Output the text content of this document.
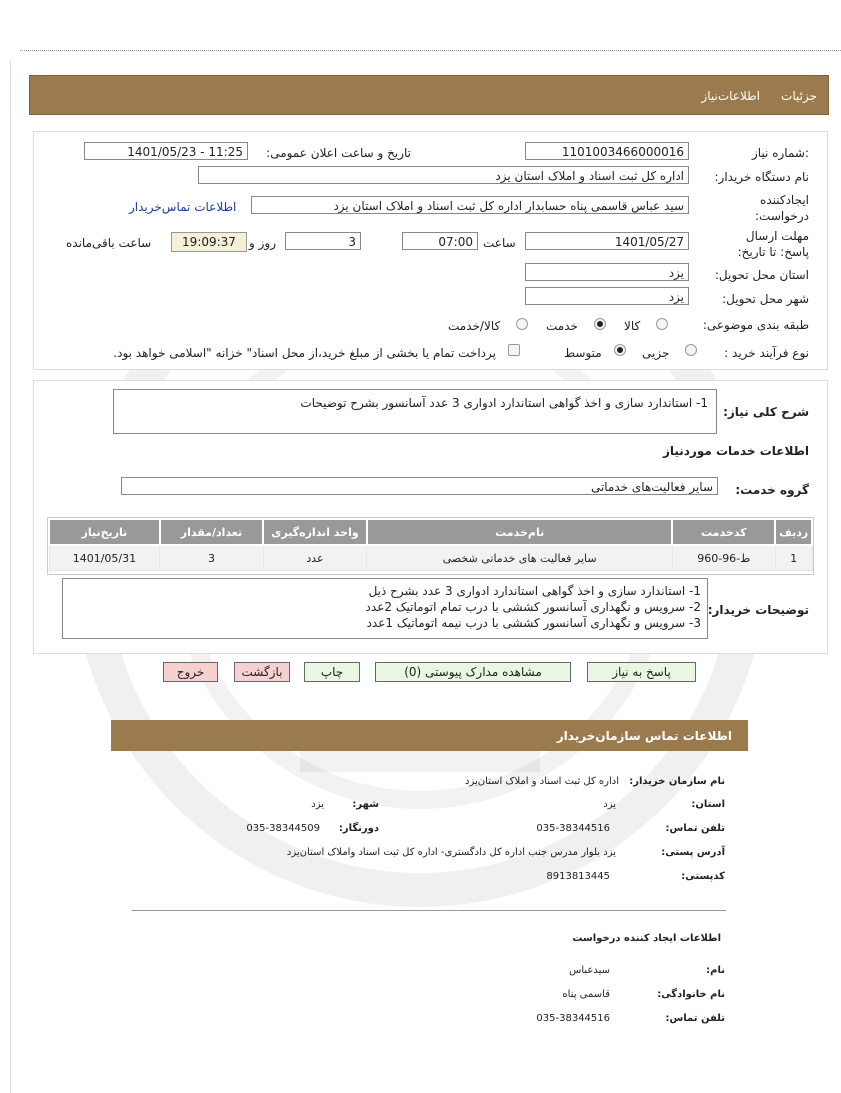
جزئیات
اطلاعات‌نیاز
شماره نیاز:
1101003466000016
تاریخ و ساعت اعلان عمومی:
1401/05/23 - 11:25
نام دستگاه خریدار:
اداره کل ثبت اسناد و املاک استان یزد
ایجادکننده درخواست:
سید عباس قاسمی پناه حسابدار اداره کل ثبت اسناد و املاک استان یزد
اطلاعات تماس‌خریدار
مهلت ارسال پاسخ: تا تاریخ:
1401/05/27
ساعت
07:00
3
روز و
19:09:37
ساعت باقی‌مانده
استان محل تحویل:
یزد
شهر محل تحویل:
یزد
طبقه بندی موضوعی:
کالا
خدمت
کالا/خدمت
نوع فرآیند خرید :
جزیی
متوسط
پرداخت تمام یا بخشی از مبلغ خرید،از محل اسناد" خزانه "اسلامی خواهد بود.
شرح کلی نیاز:
1- استاندارد سازی و اخذ گواهی استاندارد ادواری 3 عدد آسانسور بشرح توضیحات
اطلاعات خدمات مورد‌نیاز
گروه خدمت:
سایر فعالیت‌های خدماتی
ردیف	کدخدمت	نام‌خدمت	واحد اندازه‌گیری	تعداد/مقدار	تاریخ‌نیاز
1	ط-96-960	سایر فعالیت های خدماتی شخصی	عدد	3	1401/05/31
توضیحات خریدار:
1- استاندارد سازی و اخذ گواهی استاندارد ادواری 3 عدد بشرح ذیل
2- سرویس و نگهداری آسانسور کششی با درب تمام اتوماتیک 2عدد
3- سرویس و نگهداری آسانسور کششی با درب نیمه اتوماتیک 1عدد
پاسخ به نیاز
مشاهده مدارک پیوستی (0)
چاپ
بازگشت
خروج
اطلاعات تماس سازمان‌خریدار
نام سازمان خریدار:
اداره کل ثبت اسناد و املاک استان‌یزد
استان:
یزد
شهر:
یزد
تلفن تماس:
035-38344516
دورنگار:
035-38344509
آدرس پستی:
یزد بلوار مدرس جنب اداره کل دادگستری- اداره کل ثبت اسناد واملاک استان‌یزد
کدپستی:
8913813445
اطلاعات ایجاد کننده درخواست
نام:
سیدعباس
نام خانوادگی:
قاسمی پناه
تلفن تماس:
035-38344516
